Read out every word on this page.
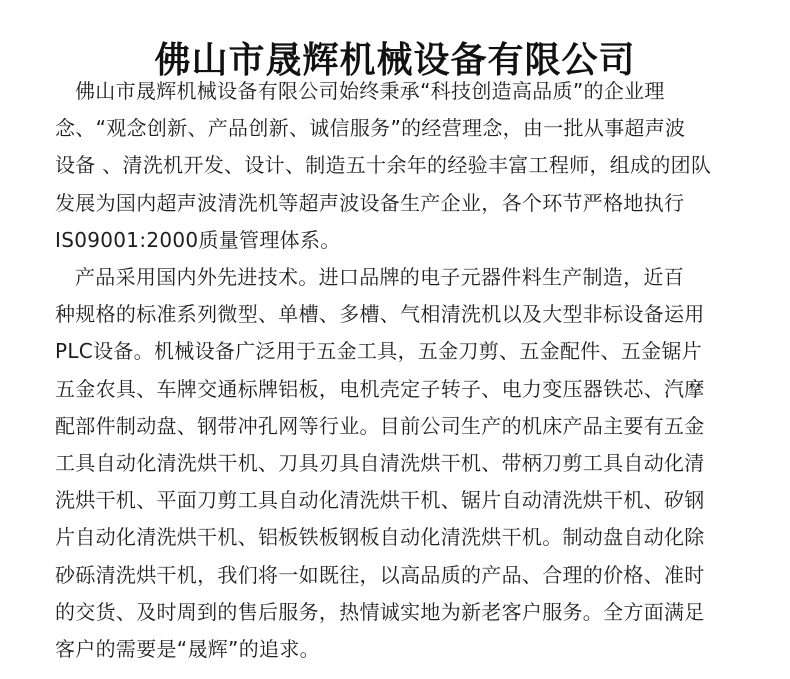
佛山市晟辉机械设备有限公司

佛山市晟辉机械设备有限公司始终秉承“科技创造高品质”的企业理
念、“观念创新、产品创新、诚信服务”的经营理念，由一批从事超声波
设备 、清洗机开发、设计、制造五十余年的经验丰富工程师，组成的团队
发展为国内超声波清洗机等超声波设备生产企业，各个环节严格地执行
IS09001:2000质量管理体系。

产品采用国内外先进技术。进口品牌的电子元器件料生产制造，近百
种规格的标准系列微型、单槽、多槽、气相清洗机以及大型非标设备运用
PLC设备。机械设备广泛用于五金工具，五金刀剪、五金配件、五金锯片
五金农具、车牌交通标牌铝板，电机壳定子转子、电力变压器铁芯、汽摩
配部件制动盘、钢带冲孔网等行业。目前公司生产的机床产品主要有五金
工具自动化清洗烘干机、刀具刃具自清洗烘干机、带柄刀剪工具自动化清
洗烘干机、平面刀剪工具自动化清洗烘干机、锯片自动清洗烘干机、矽钢
片自动化清洗烘干机、铝板铁板钢板自动化清洗烘干机。制动盘自动化除
砂砾清洗烘干机，我们将一如既往，以高品质的产品、合理的价格、准时
的交货、及时周到的售后服务，热情诚实地为新老客户服务。全方面满足
客户的需要是“晟辉”的追求。
